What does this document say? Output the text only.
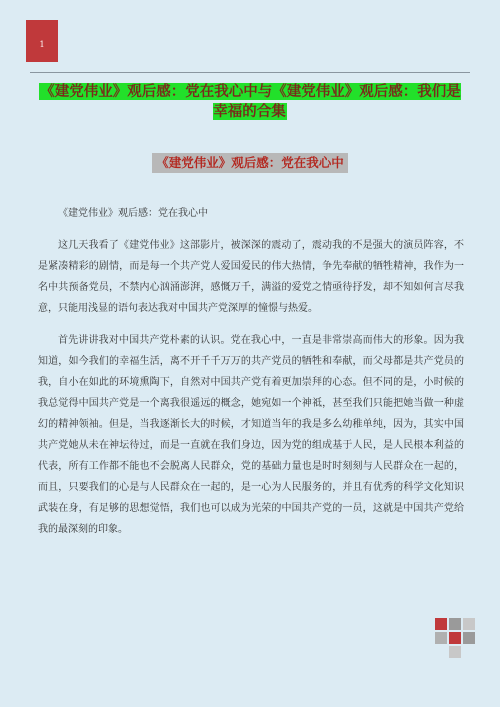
1
《建党伟业》观后感：党在我心中与《建党伟业》观后感：我们是幸福的合集
《建党伟业》观后感：党在我心中

《建党伟业》观后感：党在我心中

这几天我看了《建党伟业》这部影片，被深深的震动了，震动我的不是强大的演员阵容，不是紧凑精彩的剧情，而是每一个共产党人爱国爱民的伟大热情，争先奉献的牺牲精神，我作为一名中共预备党员，不禁内心汹涌澎湃，感慨万千，满溢的爱党之情亟待抒发，却不知如何言尽我意，只能用浅显的语句表达我对中国共产党深厚的憧憬与热爱。

首先讲讲我对中国共产党朴素的认识。党在我心中，一直是非常崇高而伟大的形象。因为我知道，如今我们的幸福生活，离不开千千万万的共产党员的牺牲和奉献，而父母都是共产党员的我，自小在如此的环境熏陶下，自然对中国共产党有着更加崇拜的心态。但不同的是，小时候的我总觉得中国共产党是一个离我很遥远的概念，她宛如一个神祗，甚至我们只能把她当做一种虚幻的精神领袖。但是，当我逐渐长大的时候，才知道当年的我是多么幼稚单纯，因为，其实中国共产党她从未在神坛待过，而是一直就在我们身边，因为党的组成基于人民，是人民根本利益的代表，所有工作都不能也不会脱离人民群众，党的基础力量也是时时刻刻与人民群众在一起的，而且，只要我们的心是与人民群众在一起的，是一心为人民服务的，并且有优秀的科学文化知识武装在身，有足够的思想觉悟，我们也可以成为光荣的中国共产党的一员，这就是中国共产党给我的最深刻的印象。
